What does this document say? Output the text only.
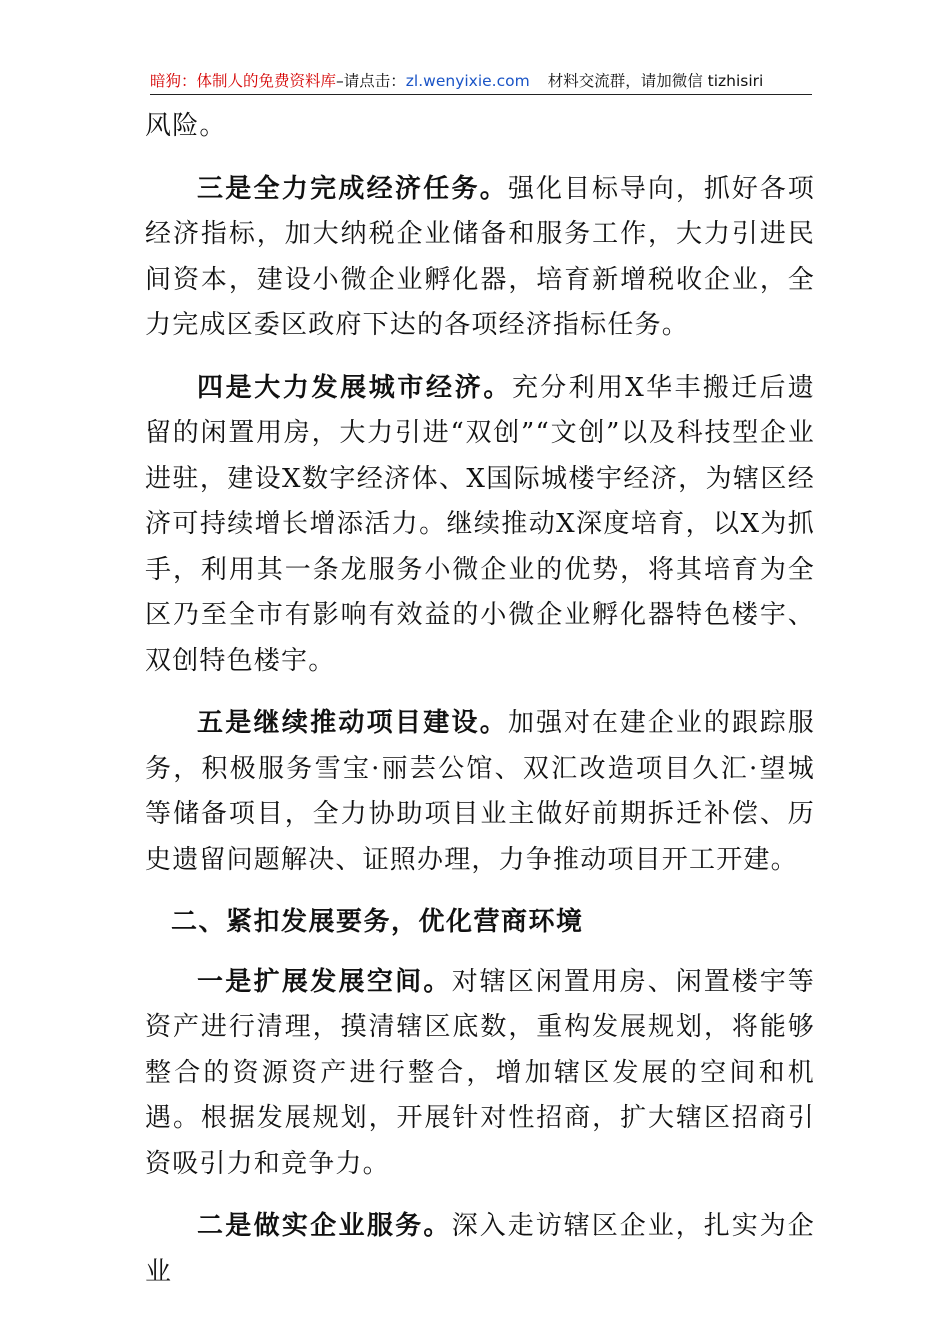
暗狗：体制人的免费资料库–请点击：zl.wenyixie.com 材料交流群，请加微信 tizhisiri

风险。

三是全力完成经济任务。强化目标导向，抓好各项经济指标，加大纳税企业储备和服务工作，大力引进民间资本，建设小微企业孵化器，培育新增税收企业，全力完成区委区政府下达的各项经济指标任务。

四是大力发展城市经济。充分利用X华丰搬迁后遗留的闲置用房，大力引进“双创”“文创”以及科技型企业进驻，建设X数字经济体、X国际城楼宇经济，为辖区经济可持续增长增添活力。继续推动X深度培育，以X为抓手，利用其一条龙服务小微企业的优势，将其培育为全区乃至全市有影响有效益的小微企业孵化器特色楼宇、双创特色楼宇。

五是继续推动项目建设。加强对在建企业的跟踪服务，积极服务雪宝·丽芸公馆、双汇改造项目久汇·望城等储备项目，全力协助项目业主做好前期拆迁补偿、历史遗留问题解决、证照办理，力争推动项目开工开建。

二、紧扣发展要务，优化营商环境

一是扩展发展空间。对辖区闲置用房、闲置楼宇等资产进行清理，摸清辖区底数，重构发展规划，将能够整合的资源资产进行整合，增加辖区发展的空间和机遇。根据发展规划，开展针对性招商，扩大辖区招商引资吸引力和竞争力。

二是做实企业服务。深入走访辖区企业，扎实为企业
